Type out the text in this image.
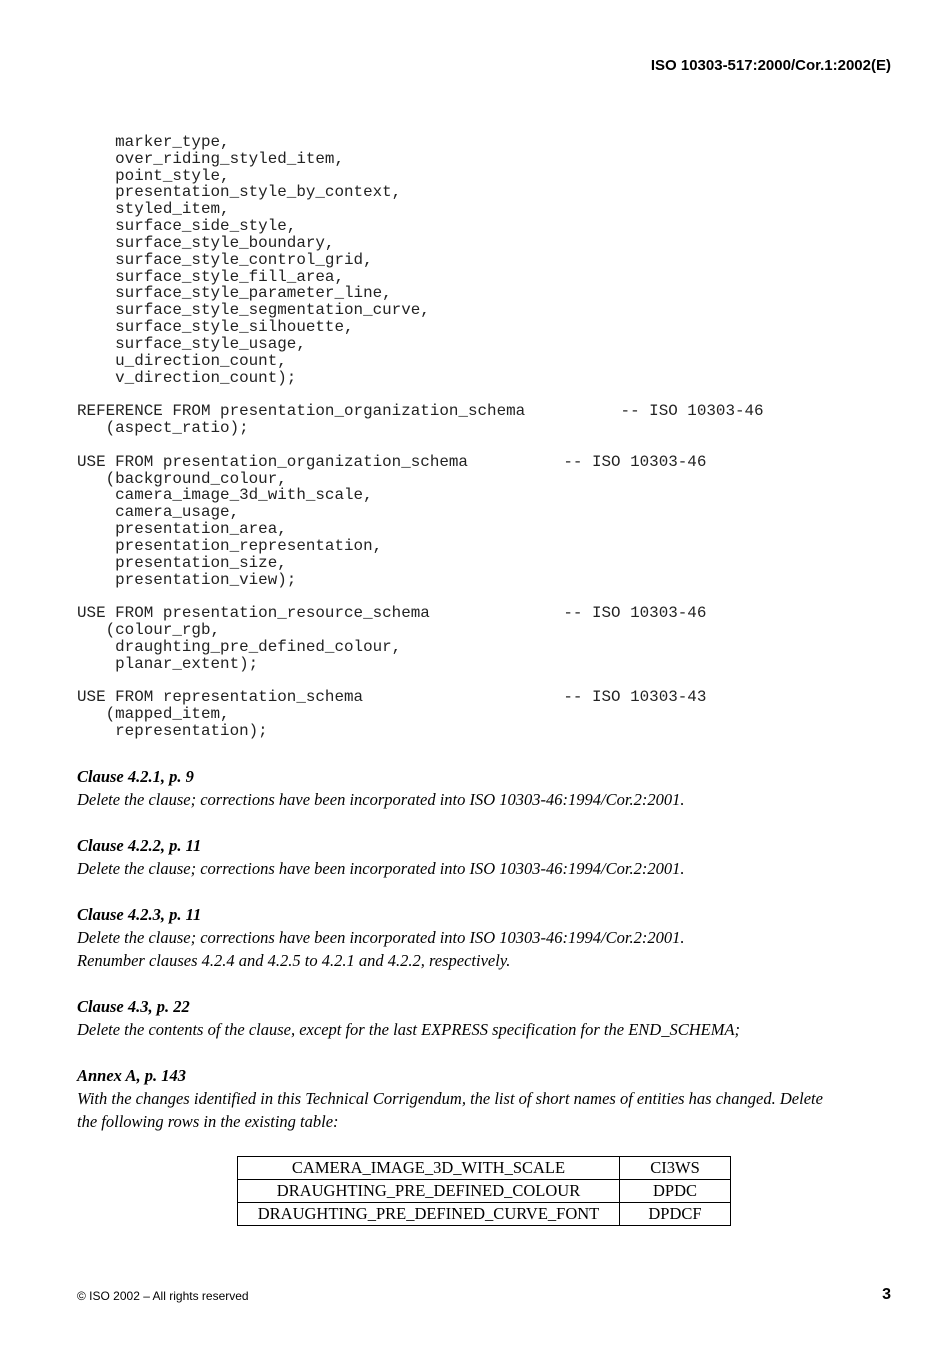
ISO 10303-517:2000/Cor.1:2002(E)
marker_type,
over_riding_styled_item,
point_style,
presentation_style_by_context,
styled_item,
surface_side_style,
surface_style_boundary,
surface_style_control_grid,
surface_style_fill_area,
surface_style_parameter_line,
surface_style_segmentation_curve,
surface_style_silhouette,
surface_style_usage,
u_direction_count,
v_direction_count);
REFERENCE FROM presentation_organization_schema          -- ISO 10303-46
(aspect_ratio);
USE FROM presentation_organization_schema          -- ISO 10303-46
(background_colour,
camera_image_3d_with_scale,
camera_usage,
presentation_area,
presentation_representation,
presentation_size,
presentation_view);
USE FROM presentation_resource_schema              -- ISO 10303-46
(colour_rgb,
draughting_pre_defined_colour,
planar_extent);
USE FROM representation_schema                     -- ISO 10303-43
(mapped_item,
representation);
Clause 4.2.1, p. 9
Delete the clause; corrections have been incorporated into ISO 10303-46:1994/Cor.2:2001.
Clause 4.2.2, p. 11
Delete the clause; corrections have been incorporated into ISO 10303-46:1994/Cor.2:2001.
Clause 4.2.3, p. 11
Delete the clause; corrections have been incorporated into ISO 10303-46:1994/Cor.2:2001.
Renumber clauses 4.2.4 and 4.2.5 to 4.2.1 and 4.2.2, respectively.
Clause 4.3, p. 22
Delete the contents of the clause, except for the last EXPRESS specification for the END_SCHEMA;
Annex A, p. 143
With the changes identified in this Technical Corrigendum, the list of short names of entities has changed. Delete
the following rows in the existing table:
CAMERA_IMAGE_3D_WITH_SCALE	CI3WS
DRAUGHTING_PRE_DEFINED_COLOUR	DPDC
DRAUGHTING_PRE_DEFINED_CURVE_FONT	DPDCF
© ISO 2002 – All rights reserved	3
